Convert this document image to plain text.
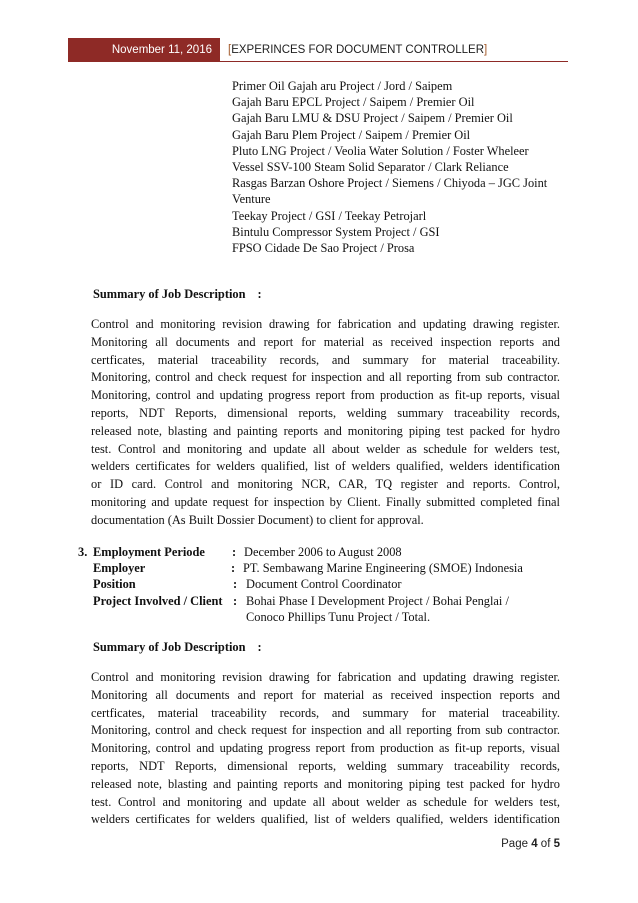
November 11, 2016	[EXPERINCES FOR DOCUMENT CONTROLLER]
Primer Oil Gajah aru Project / Jord / Saipem
Gajah Baru EPCL Project / Saipem / Premier Oil
Gajah Baru LMU & DSU Project / Saipem / Premier Oil
Gajah Baru Plem Project / Saipem / Premier Oil
Pluto LNG Project / Veolia Water Solution / Foster Wheleer
Vessel SSV-100 Steam Solid Separator / Clark Reliance
Rasgas Barzan Oshore Project / Siemens / Chiyoda – JGC Joint
Venture
Teekay Project / GSI / Teekay Petrojarl
Bintulu Compressor System Project / GSI
FPSO Cidade De Sao Project / Prosa
Summary of Job Description :
Control and monitoring revision drawing for fabrication and updating drawing register.
Monitoring all documents and report for material as received inspection reports and
certficates, material traceability records, and summary for material traceability.
Monitoring, control and check request for inspection and all reporting from sub contractor.
Monitoring, control and updating progress report from production as fit-up reports, visual
reports, NDT Reports, dimensional reports, welding summary traceability records,
released note, blasting and painting reports and monitoring piping test packed for hydro
test. Control and monitoring and update all about welder as schedule for welders test,
welders certificates for welders qualified, list of welders qualified, welders identification
or ID card. Control and monitoring NCR, CAR, TQ register and reports. Control,
monitoring and update request for inspection by Client. Finally submitted completed final
documentation (As Built Dossier Document) to client for approval.
3. Employment Periode : December 2006 to August 2008
Employer	: PT. Sembawang Marine Engineering (SMOE) Indonesia
Position	: Document Control Coordinator
Project Involved / Client : Bohai Phase I Development Project / Bohai Penglai /
Conoco Phillips Tunu Project / Total.
Summary of Job Description :
Control and monitoring revision drawing for fabrication and updating drawing register.
Monitoring all documents and report for material as received inspection reports and
certficates, material traceability records, and summary for material traceability.
Monitoring, control and check request for inspection and all reporting from sub contractor.
Monitoring, control and updating progress report from production as fit-up reports, visual
reports, NDT Reports, dimensional reports, welding summary traceability records,
released note, blasting and painting reports and monitoring piping test packed for hydro
test. Control and monitoring and update all about welder as schedule for welders test,
welders certificates for welders qualified, list of welders qualified, welders identification
Page 4 of 5
